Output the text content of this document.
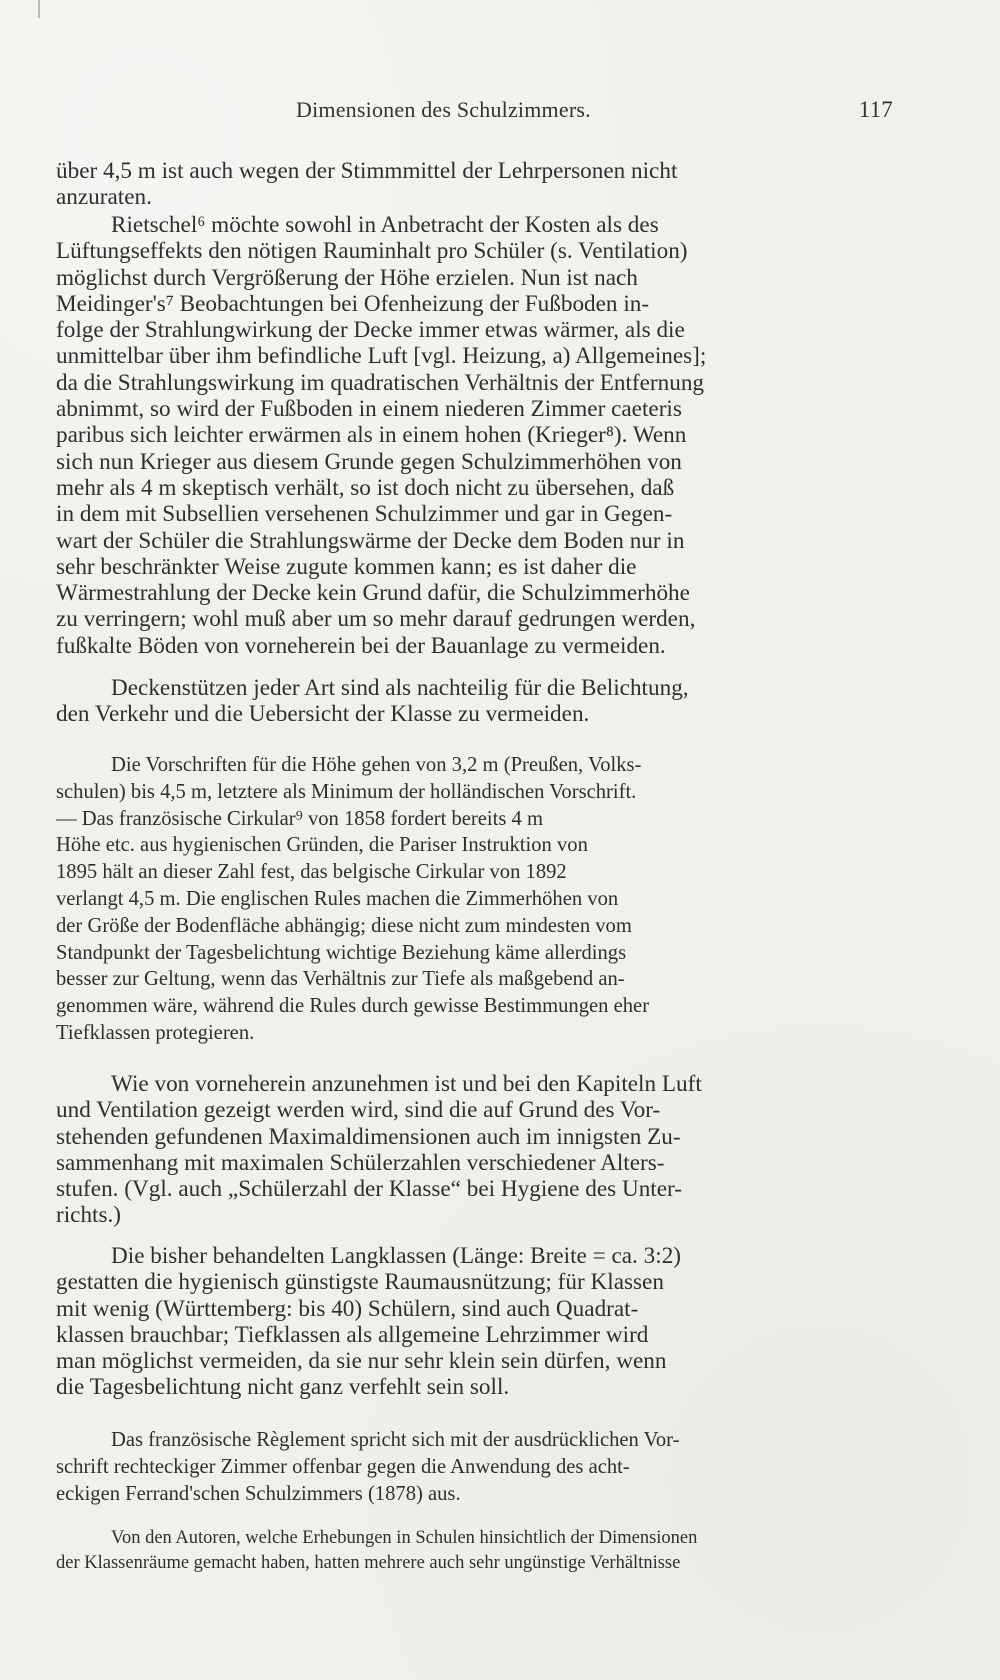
Dimensionen des Schulzimmers.	117

über 4,5 m ist auch wegen der Stimmmittel der Lehrpersonen nicht
anzuraten.

Rietschel⁶ möchte sowohl in Anbetracht der Kosten als des
Lüftungseffekts den nötigen Rauminhalt pro Schüler (s. Ventilation)
möglichst durch Vergrößerung der Höhe erzielen. Nun ist nach
Meidinger's⁷ Beobachtungen bei Ofenheizung der Fußboden in-
folge der Strahlungwirkung der Decke immer etwas wärmer, als die
unmittelbar über ihm befindliche Luft [vgl. Heizung, a) Allgemeines];
da die Strahlungswirkung im quadratischen Verhältnis der Entfernung
abnimmt, so wird der Fußboden in einem niederen Zimmer caeteris
paribus sich leichter erwärmen als in einem hohen (Krieger⁸). Wenn
sich nun Krieger aus diesem Grunde gegen Schulzimmerhöhen von
mehr als 4 m skeptisch verhält, so ist doch nicht zu übersehen, daß
in dem mit Subsellien versehenen Schulzimmer und gar in Gegen-
wart der Schüler die Strahlungswärme der Decke dem Boden nur in
sehr beschränkter Weise zugute kommen kann; es ist daher die
Wärmestrahlung der Decke kein Grund dafür, die Schulzimmerhöhe
zu verringern; wohl muß aber um so mehr darauf gedrungen werden,
fußkalte Böden von vorneherein bei der Bauanlage zu vermeiden.

Deckenstützen jeder Art sind als nachteilig für die Belichtung,
den Verkehr und die Uebersicht der Klasse zu vermeiden.

Die Vorschriften für die Höhe gehen von 3,2 m (Preußen, Volks-
schulen) bis 4,5 m, letztere als Minimum der holländischen Vorschrift.
— Das französische Cirkular⁹ von 1858 fordert bereits 4 m
Höhe etc. aus hygienischen Gründen, die Pariser Instruktion von
1895 hält an dieser Zahl fest, das belgische Cirkular von 1892
verlangt 4,5 m. Die englischen Rules machen die Zimmerhöhen von
der Größe der Bodenfläche abhängig; diese nicht zum mindesten vom
Standpunkt der Tagesbelichtung wichtige Beziehung käme allerdings
besser zur Geltung, wenn das Verhältnis zur Tiefe als maßgebend an-
genommen wäre, während die Rules durch gewisse Bestimmungen eher
Tiefklassen protegieren.

Wie von vorneherein anzunehmen ist und bei den Kapiteln Luft
und Ventilation gezeigt werden wird, sind die auf Grund des Vor-
stehenden gefundenen Maximaldimensionen auch im innigsten Zu-
sammenhang mit maximalen Schülerzahlen verschiedener Alters-
stufen. (Vgl. auch „Schülerzahl der Klasse“ bei Hygiene des Unter-
richts.)

Die bisher behandelten Langklassen (Länge: Breite = ca. 3:2)
gestatten die hygienisch günstigste Raumausnützung; für Klassen
mit wenig (Württemberg: bis 40) Schülern, sind auch Quadrat-
klassen brauchbar; Tiefklassen als allgemeine Lehrzimmer wird
man möglichst vermeiden, da sie nur sehr klein sein dürfen, wenn
die Tagesbelichtung nicht ganz verfehlt sein soll.

Das französische Règlement spricht sich mit der ausdrücklichen Vor-
schrift rechteckiger Zimmer offenbar gegen die Anwendung des acht-
eckigen Ferrand'schen Schulzimmers (1878) aus.

Von den Autoren, welche Erhebungen in Schulen hinsichtlich der Dimensionen
der Klassenräume gemacht haben, hatten mehrere auch sehr ungünstige Verhältnisse
